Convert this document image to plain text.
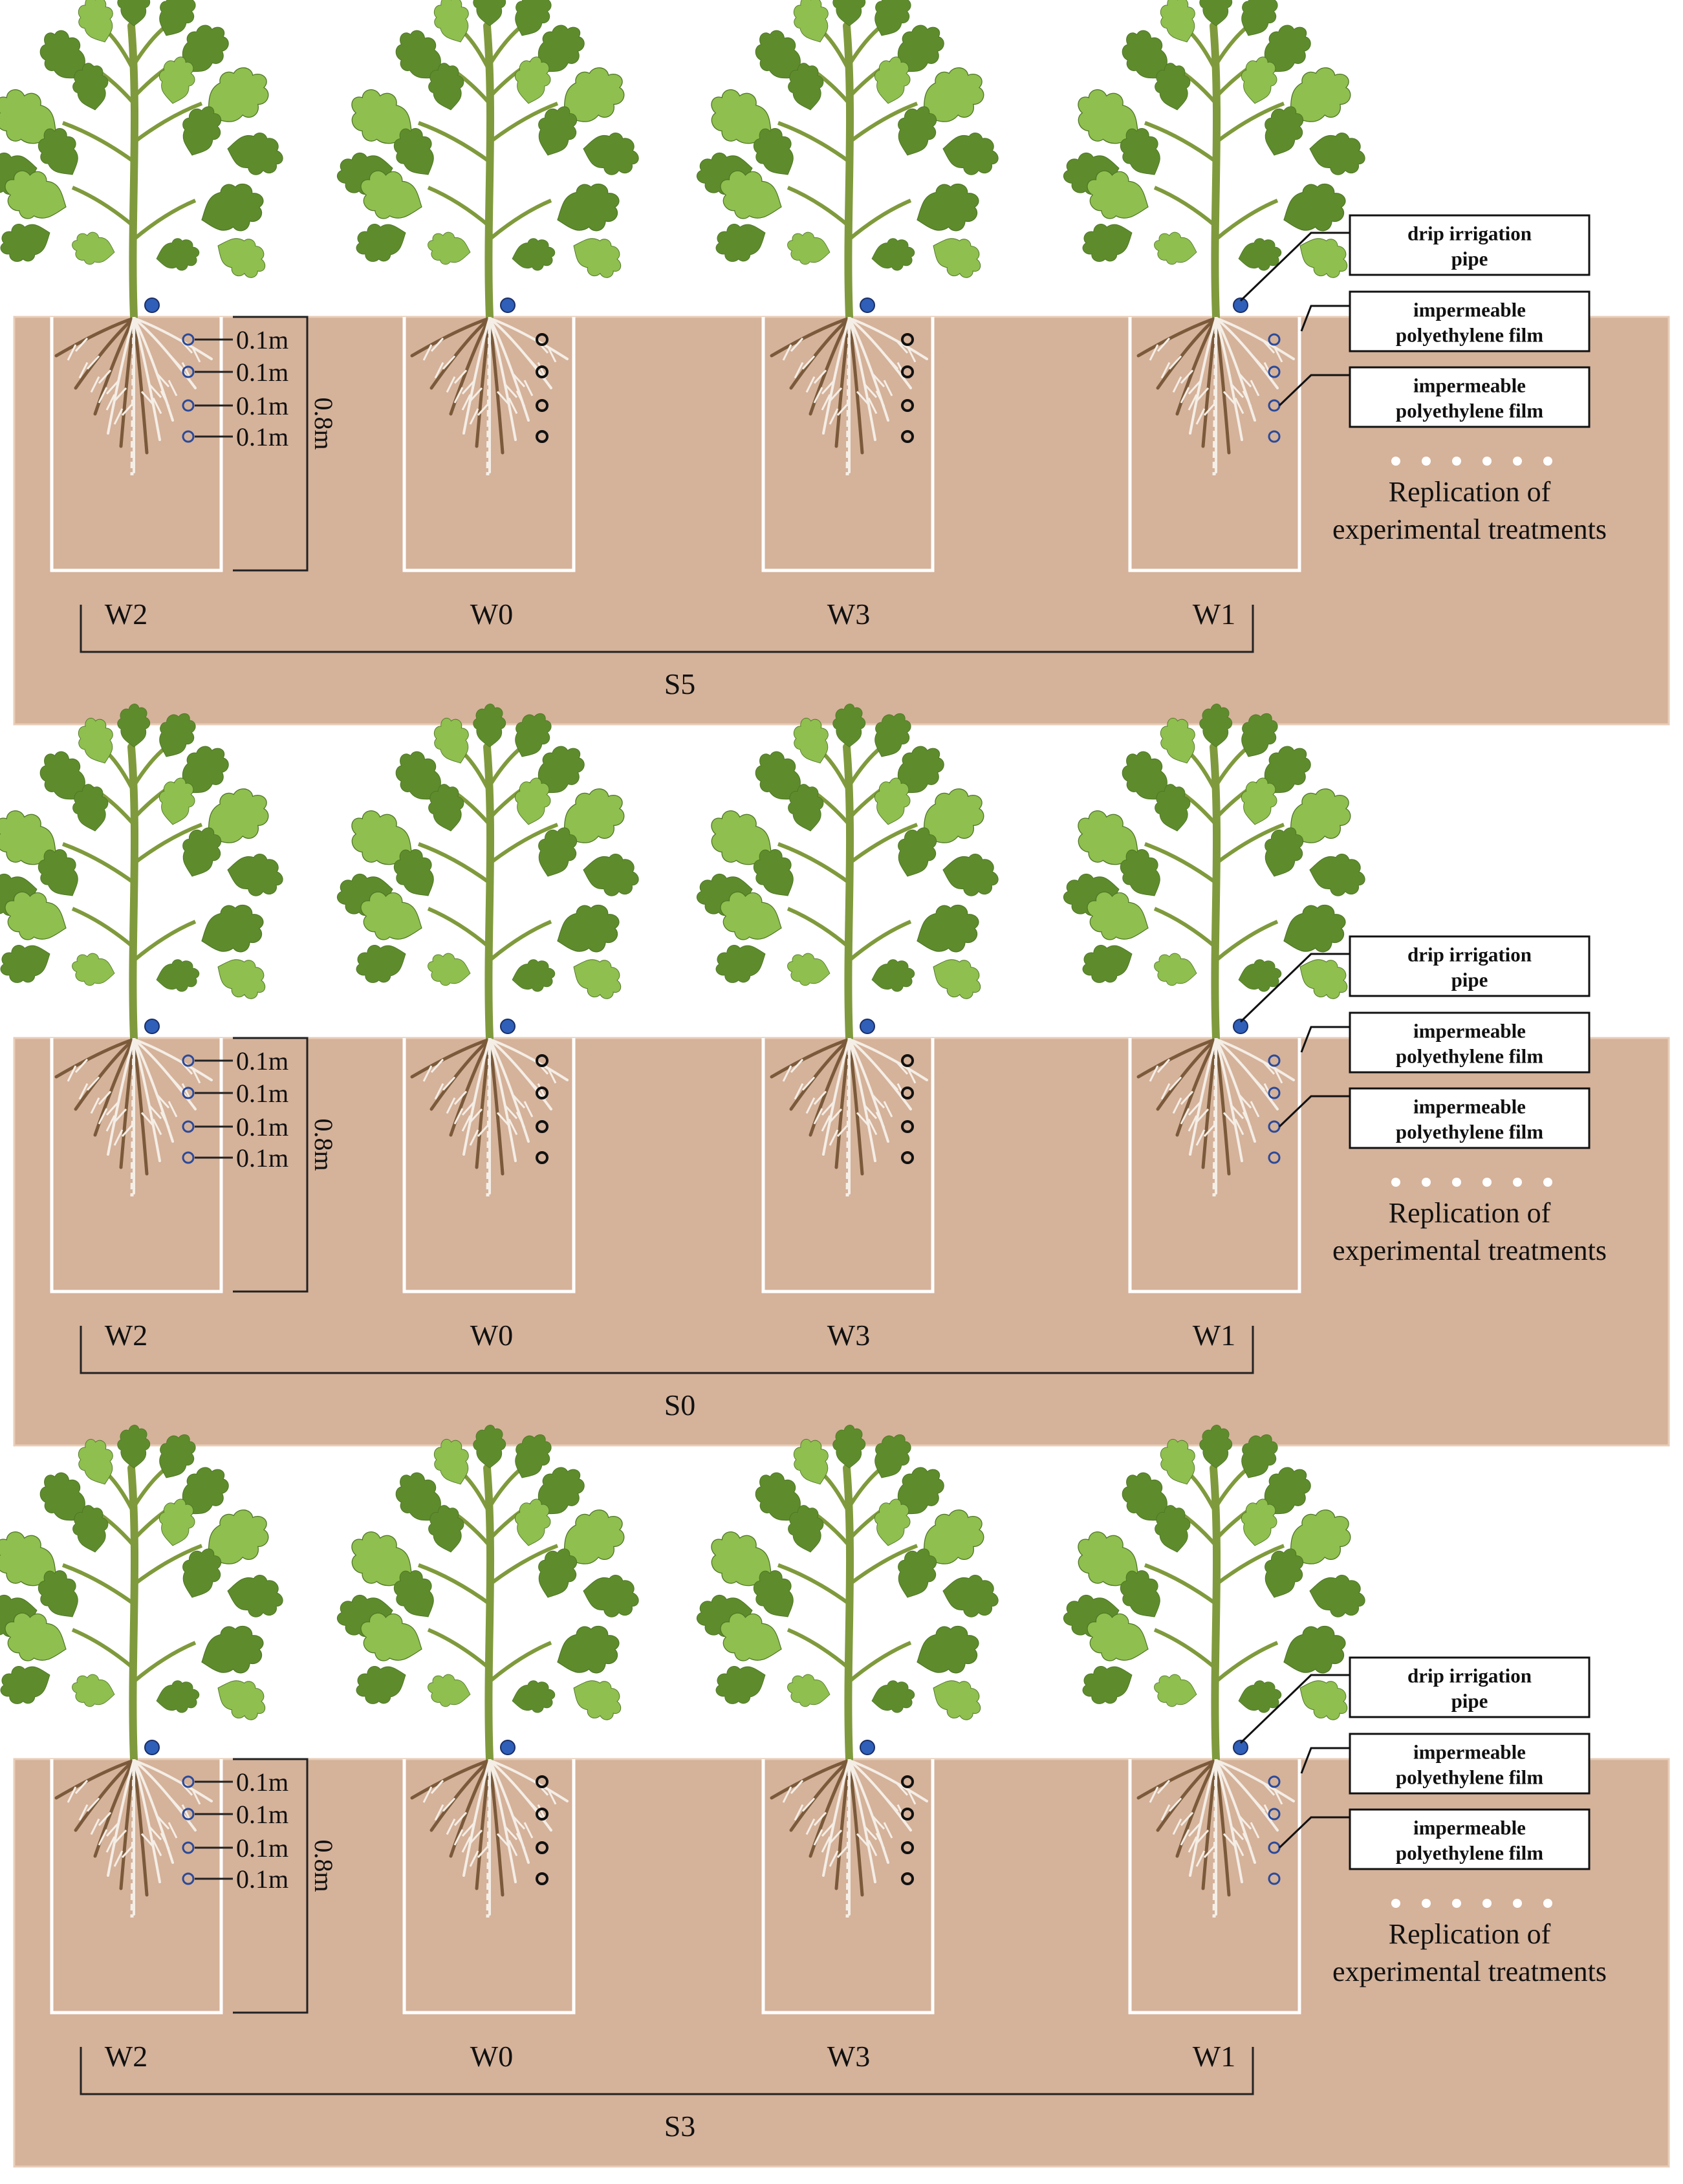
0.8m
0.1m
0.1m
0.1m
0.1m
W2	W0	W3	W1
S5
drip irrigation
pipe
impermeable
polyethylene film
impermeable
polyethylene film
Replication of
experimental treatments
0.8m
0.1m
0.1m
0.1m
0.1m
W2	W0	W3	W1
S0
drip irrigation
pipe
impermeable
polyethylene film
impermeable
polyethylene film
Replication of
experimental treatments
0.8m
0.1m
0.1m
0.1m
0.1m
W2	W0	W3	W1
S3
drip irrigation
pipe
impermeable
polyethylene film
impermeable
polyethylene film
Replication of
experimental treatments
